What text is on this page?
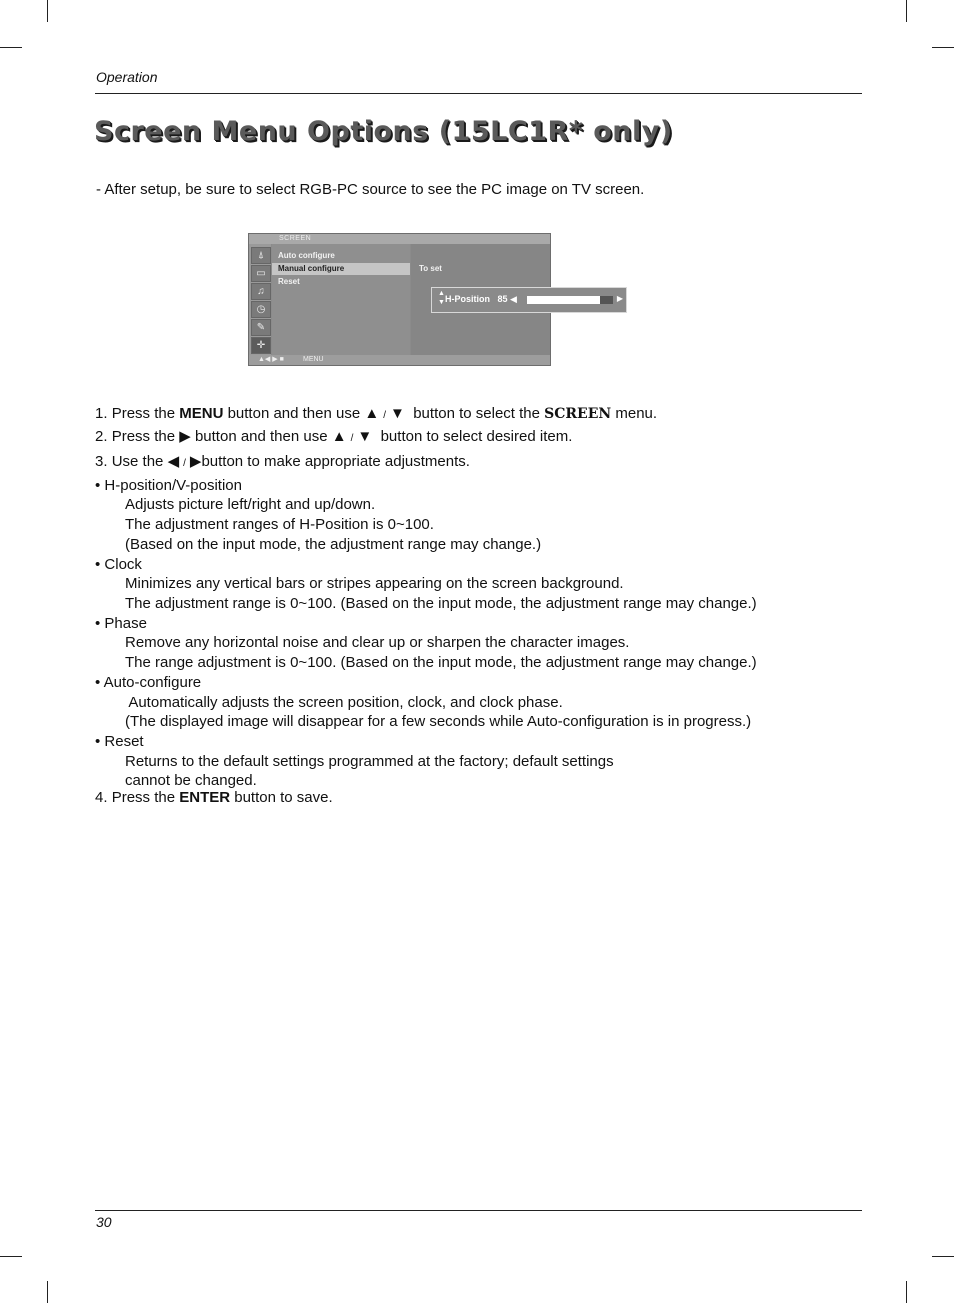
Operation
Screen Menu Options (15LC1R* only)
- After setup, be sure to select RGB-PC source to see the PC image on TV screen.
SCREEN
⍋
▭
♫
◷
✎
✛
Auto configure
Manual configure
Reset
To set
▲◀ ▶ ■	MENU
▲
▼ H-Position 85 ◀	▶
1. Press the MENU button and then use ▲ / ▼ button to select the SCREEN menu.
2. Press the ▶ button and then use ▲ / ▼ button to select desired item.
3. Use the ◀ / ▶button to make appropriate adjustments.
• H-position/V-position
Adjusts picture left/right and up/down.
The adjustment ranges of H-Position is 0~100.
(Based on the input mode, the adjustment range may change.)
• Clock
Minimizes any vertical bars or stripes appearing on the screen background.
The adjustment range is 0~100. (Based on the input mode, the adjustment range may change.)
• Phase
Remove any horizontal noise and clear up or sharpen the character images.
The range adjustment is 0~100. (Based on the input mode, the adjustment range may change.)
• Auto-configure
Automatically adjusts the screen position, clock, and clock phase.
(The displayed image will disappear for a few seconds while Auto-configuration is in progress.)
• Reset
Returns to the default settings programmed at the factory; default settings
cannot be changed.
4. Press the ENTER button to save.
30
